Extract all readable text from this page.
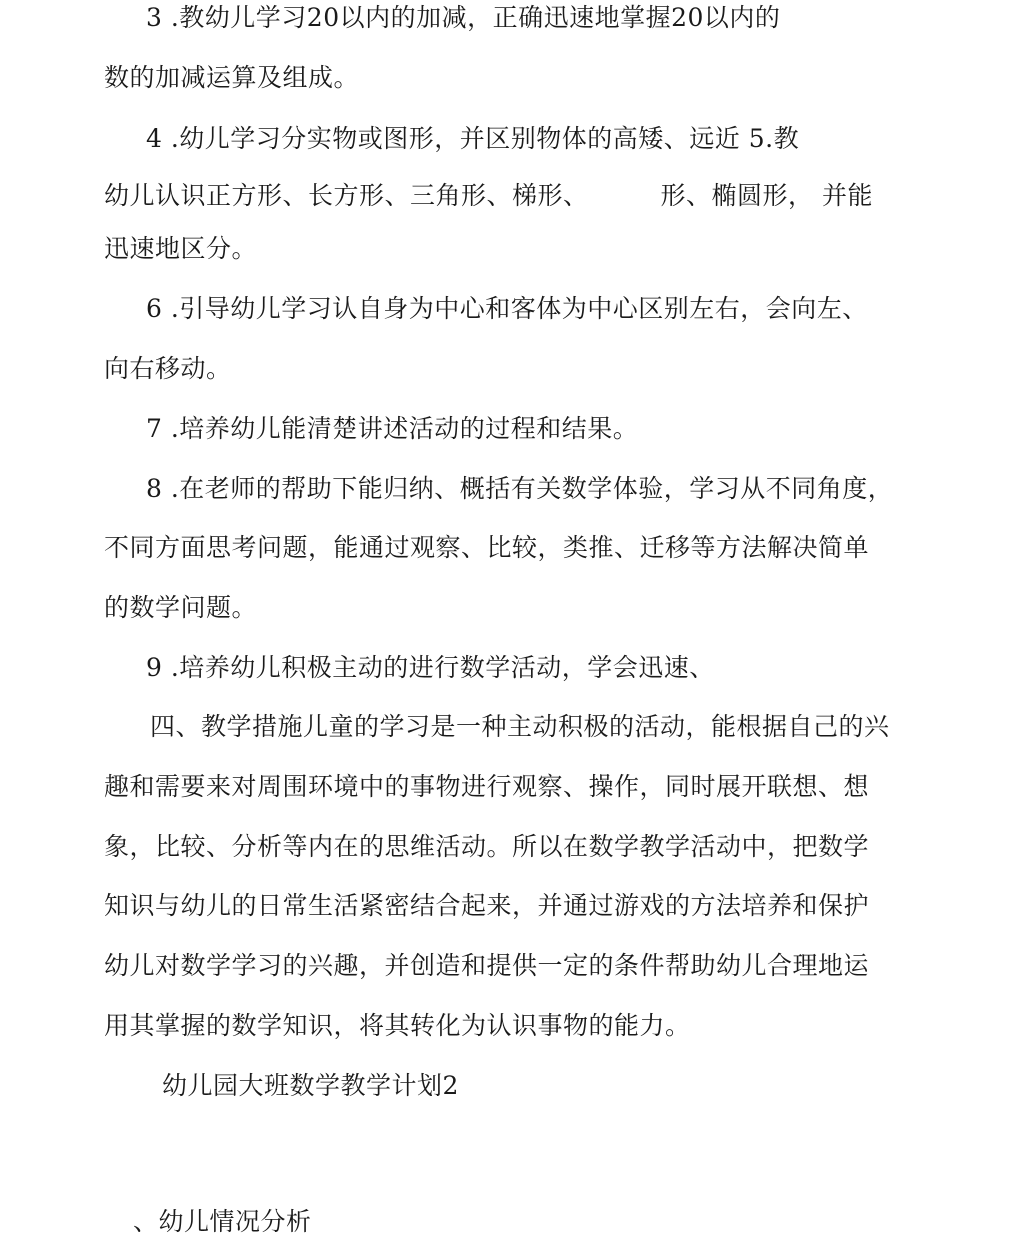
3 .教幼儿学习20以内的加减，正确迅速地掌握20以内的
数的加减运算及组成。
4 .幼儿学习分实物或图形，并区别物体的高矮、远近 5.教
幼儿认识正方形、长方形、三角形、梯形、	形、椭圆形， 并能
迅速地区分。
6 .引导幼儿学习认自身为中心和客体为中心区别左右，会向左、
向右移动。
7 .培养幼儿能清楚讲述活动的过程和结果。
8 .在老师的帮助下能归纳、概括有关数学体验，学习从不同角度，
不同方面思考问题，能通过观察、比较，类推、迁移等方法解决简单
的数学问题。
9 .培养幼儿积极主动的进行数学活动，学会迅速、
四、教学措施儿童的学习是一种主动积极的活动，能根据自己的兴
趣和需要来对周围环境中的事物进行观察、操作，同时展开联想、想
象，比较、分析等内在的思维活动。所以在数学教学活动中，把数学
知识与幼儿的日常生活紧密结合起来，并通过游戏的方法培养和保护
幼儿对数学学习的兴趣，并创造和提供一定的条件帮助幼儿合理地运
用其掌握的数学知识，将其转化为认识事物的能力。
幼儿园大班数学教学计划2
、幼儿情况分析
